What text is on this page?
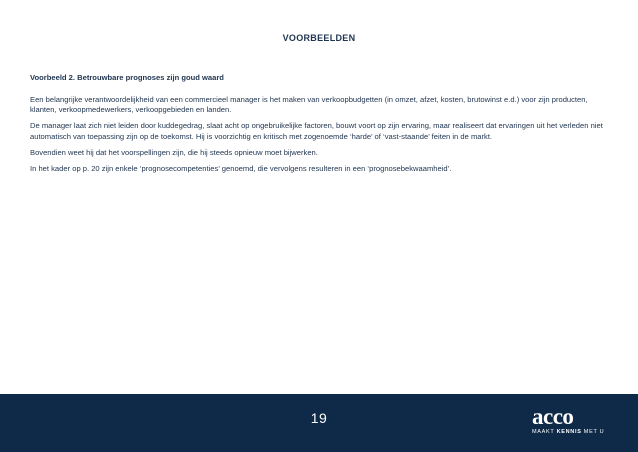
voorbeelden

Voorbeeld 2. Betrouwbare prognoses zijn goud waard

Een belangrijke verantwoordelijkheid van een commercieel manager is het maken van verkoopbudgetten (in omzet, afzet, kosten, brutowinst e.d.) voor zijn producten, klanten, verkoopmedewerkers, verkoopgebieden en landen.

De manager laat zich niet leiden door kuddegedrag, slaat acht op ongebruikelijke factoren, bouwt voort op zijn ervaring, maar realiseert dat ervaringen uit het verleden niet automatisch van toepassing zijn op de toekomst. Hij is voorzichtig en kritisch met zogenoemde ‘harde’ of ‘vast-staande’ feiten in de markt.

Bovendien weet hij dat het voorspellingen zijn, die hij steeds opnieuw moet bijwerken.

In het kader op p. 20 zijn enkele ‘prognosecompetenties’ genoemd, die vervolgens resulteren in een ‘prognosebekwaamheid’.

19	acco
MAAKT KENNIS MET U
